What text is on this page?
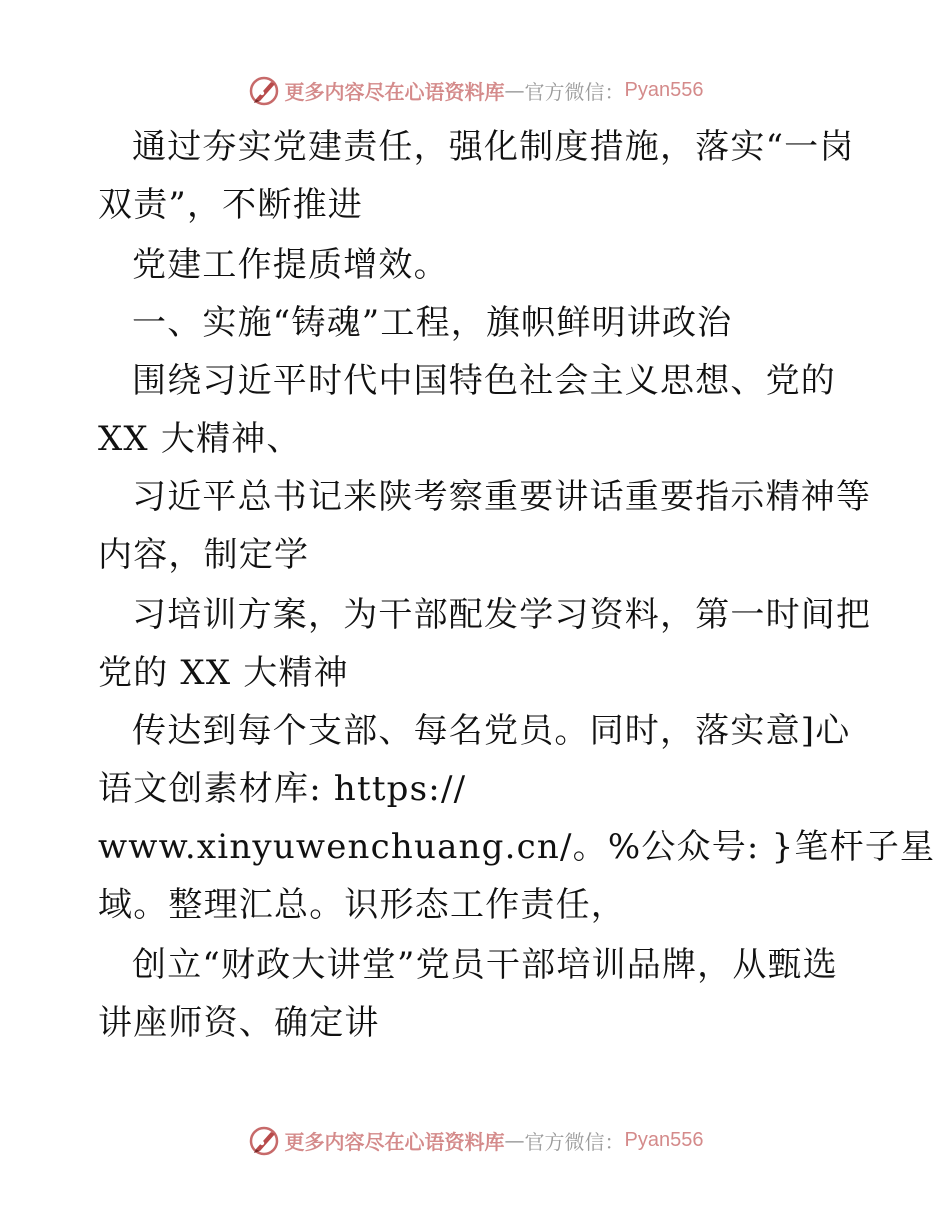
更多内容尽在心语资料库 — 官方微信： Pyan556
通过夯实党建责任，强化制度措施，落实“一岗
双责”，不断推进
党建工作提质增效。
一、实施“铸魂”工程，旗帜鲜明讲政治
围绕习近平时代中国特色社会主义思想、党的
XX 大精神、
习近平总书记来陕考察重要讲话重要指示精神等
内容，制定学
习培训方案，为干部配发学习资料，第一时间把
党的 XX 大精神
传达到每个支部、每名党员。同时，落实意]心
语文创素材库: https://
www.xinyuwenchuang.cn/。%公众号: }笔杆子星
域。整理汇总。识形态工作责任，
创立“财政大讲堂”党员干部培训品牌，从甄选
讲座师资、确定讲
更多内容尽在心语资料库 — 官方微信： Pyan556
